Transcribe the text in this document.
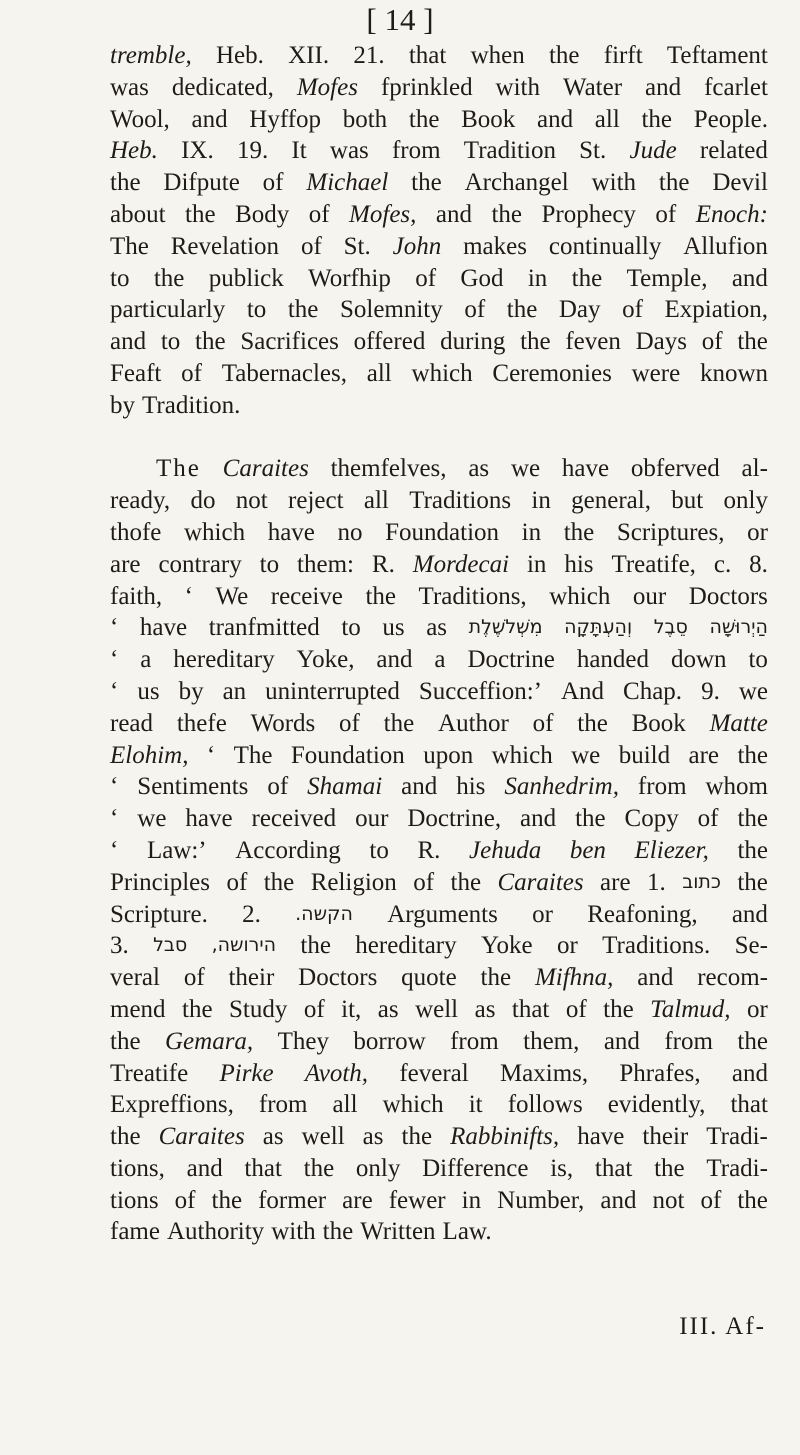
[ 14 ]
tremble, Heb. XII. 21. that when the firft Teftament
was dedicated, Mofes fprinkled with Water and fcarlet
Wool, and Hyffop both the Book and all the People.
Heb. IX. 19. It was from Tradition St. Jude related
the Difpute of Michael the Archangel with the Devil
about the Body of Mofes, and the Prophecy of Enoch:
The Revelation of St. John makes continually Allufion
to the publick Worfhip of God in the Temple, and
particularly to the Solemnity of the Day of Expiation,
and to the Sacrifices offered during the feven Days of the
Feaft of Tabernacles, all which Ceremonies were known
by Tradition.
The Caraites themfelves, as we have obferved al-
ready, do not reject all Traditions in general, but only
thofe which have no Foundation in the Scriptures, or
are contrary to them: R. Mordecai in his Treatife, c. 8.
faith, ‘ We receive the Traditions, which our Doctors
‘ have tranfmitted to us as מִשְׁלשֶׁלֶת וְהַעְתָּקָה סֵבֶל הַיְרוּשָׁה
‘ a hereditary Yoke, and a Doctrine handed down to
‘ us by an uninterrupted Succeffion:’ And Chap. 9. we
read thefe Words of the Author of the Book Matte
Elohim, ‘ The Foundation upon which we build are the
‘ Sentiments of Shamai and his Sanhedrim, from whom
‘ we have received our Doctrine, and the Copy of the
‘ Law:’ According to R. Jehuda ben Eliezer, the
Principles of the Religion of the Caraites are 1. כתוב the
Scripture. 2. הקשה. Arguments or Reafoning, and
3. סבל הירושה, the hereditary Yoke or Traditions. Se-
veral of their Doctors quote the Mifhna, and recom-
mend the Study of it, as well as that of the Talmud, or
the Gemara, They borrow from them, and from the
Treatife Pirke Avoth, feveral Maxims, Phrafes, and
Expreffions, from all which it follows evidently, that
the Caraites as well as the Rabbinifts, have their Tradi-
tions, and that the only Difference is, that the Tradi-
tions of the former are fewer in Number, and not of the
fame Authority with the Written Law.
III. Af-
